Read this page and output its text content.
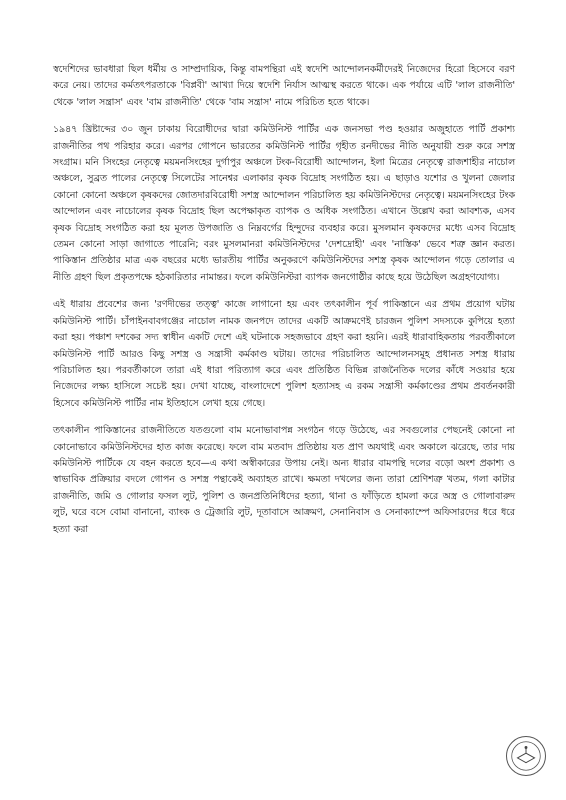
স্বদেশিদের ভাবধারা ছিল ধর্মীয় ও সাম্প্রদায়িক, কিন্তু বামপন্থিরা এই স্বদেশি আন্দোলনকর্মীদেরই নিজেদের হিরো হিসেবে বরণ করে নেয়। তাদের কর্মতৎপরতাকে 'বিপ্লবী' আখ্যা দিয়ে স্বদেশি নির্যাস আত্মস্থ করতে থাকে। এক পর্যায়ে এটি 'লাল রাজনীতি' থেকে 'লাল সন্ত্রাস' এবং 'বাম রাজনীতি' থেকে 'বাম সন্ত্রাস' নামে পরিচিত হতে থাকে।

১৯৪৭ খ্রিষ্টাব্দের ৩০ জুন ঢাকায় বিরোধীদের দ্বারা কমিউনিস্ট পার্টির এক জনসভা পণ্ড হওয়ার অজুহাতে পার্টি প্রকাশ্য রাজনীতির পথ পরিহার করে। এরপর গোপনে ভারতের কমিউনিস্ট পার্টির গৃহীত রনদীভের নীতি অনুযায়ী শুরু করে সশস্ত্র সংগ্রাম। মনি সিংহের নেতৃত্বে ময়মনসিংহের দুর্গাপুর অঞ্চলে টংক-বিরোধী আন্দোলন, ইলা মিত্রের নেতৃত্বে রাজশাহীর নাচোল অঞ্চলে, সুব্রত পালের নেতৃত্বে সিলেটের সানেশ্বর এলাকার কৃষক বিদ্রোহ সংগঠিত হয়। এ ছাড়াও যশোর ও খুলনা জেলার কোনো কোনো অঞ্চলে কৃষকদের জোতদারবিরোধী সশস্ত্র আন্দোলন পরিচালিত হয় কমিউনিস্টদের নেতৃত্বে। ময়মনসিংহের টংক আন্দোলন এবং নাচোলের কৃষক বিদ্রোহ ছিল অপেক্ষাকৃত ব্যাপক ও অধিক সংগঠিত। এখানে উল্লেখ করা আবশ্যক, এসব কৃষক বিদ্রোহ সংগঠিত করা হয় মূলত উপজাতি ও নিম্নবর্গের হিন্দুদের ব্যবহার করে। মুসলমান কৃষকদের মধ্যে এসব বিদ্রোহ তেমন কোনো সাড়া জাগাতে পারেনি; বরং মুসলমানরা কমিউনিস্টদের 'দেশদ্রোহী' এবং 'নাস্তিক' ভেবে শত্রু জ্ঞান করত। পাকিস্তান প্রতিষ্ঠার মাত্র এক বছরের মধ্যে ভারতীয় পার্টির অনুকরণে কমিউনিস্টদের সশস্ত্র কৃষক আন্দোলন গড়ে তোলার এ নীতি গ্রহণ ছিল প্রকৃতপক্ষে হঠকারিতার নামান্তর। ফলে কমিউনিস্টরা ব্যাপক জনগোষ্ঠীর কাছে হয়ে উঠেছিল অগ্রহণযোগ্য।

এই ধারায় প্রবেশের জন্য 'রণদীভের তত্ত্ব' কাজে লাগানো হয় এবং তৎকালীন পূর্ব পাকিস্তানে এর প্রথম প্রয়োগ ঘটায় কমিউনিস্ট পার্টি। চাঁপাইনবাবগঞ্জের নাচোল নামক জনপদে তাদের একটি আক্রমণেই চারজন পুলিশ সদস্যকে কুপিয়ে হত্যা করা হয়। পঞ্চাশ দশকের সদ্য স্বাধীন একটি দেশে এই ঘটনাকে সহজভাবে গ্রহণ করা হয়নি। এরই ধারাবাহিকতায় পরবর্তীকালে কমিউনিস্ট পার্টি আরও কিছু সশস্ত্র ও সন্ত্রাসী কর্মকাণ্ড ঘটায়। তাদের পরিচালিত আন্দোলনসমূহ প্রধানত সশস্ত্র ধারায় পরিচালিত হয়। পরবর্তীকালে তারা এই ধারা পরিত্যাগ করে এবং প্রতিষ্ঠিত বিভিন্ন রাজনৈতিক দলের কাঁধে সওয়ার হয়ে নিজেদের লক্ষ্য হাসিলে সচেষ্ট হয়। দেখা যাচ্ছে, বাংলাদেশে পুলিশ হত্যাসহ এ রকম সন্ত্রাসী কর্মকাণ্ডের প্রথম প্রবর্তনকারী হিসেবে কমিউনিস্ট পার্টির নাম ইতিহাসে লেখা হয়ে গেছে।

তৎকালীন পাকিস্তানের রাজনীতিতে যতগুলো বাম মনোভাবাপন্ন সংগঠন গড়ে উঠেছে, এর সবগুলোর পেছনেই কোনো না কোনোভাবে কমিউনিস্টদের হাত কাজ করেছে। ফলে বাম মতবাদ প্রতিষ্ঠায় যত প্রাণ অযথাই এবং অকালে ঝরেছে, তার দায় কমিউনিস্ট পার্টিকে যে বহন করতে হবে—এ কথা অস্বীকারের উপায় নেই। অন্য ধারার বামপন্থি দলের বড়ো অংশ প্রকাশ্য ও স্বাভাবিক প্রক্রিয়ার বদলে গোপন ও সশস্ত্র পন্থাকেই অব্যাহত রাখে। ক্ষমতা দখলের জন্য তারা শ্রেণিশত্রু খতম, গলা কাটার রাজনীতি, জমি ও গোলার ফসল লুট, পুলিশ ও জনপ্রতিনিধিদের হত্যা, থানা ও ফাঁড়িতে হামলা করে অস্ত্র ও গোলাবারুদ লুট, ঘরে বসে বোমা বানানো, ব্যাংক ও ট্রেজারি লুট, দূতাবাসে আক্রমণ, সেনানিবাস ও সেনাক্যাম্পে অফিসারদের ধরে ধরে হত্যা করা
